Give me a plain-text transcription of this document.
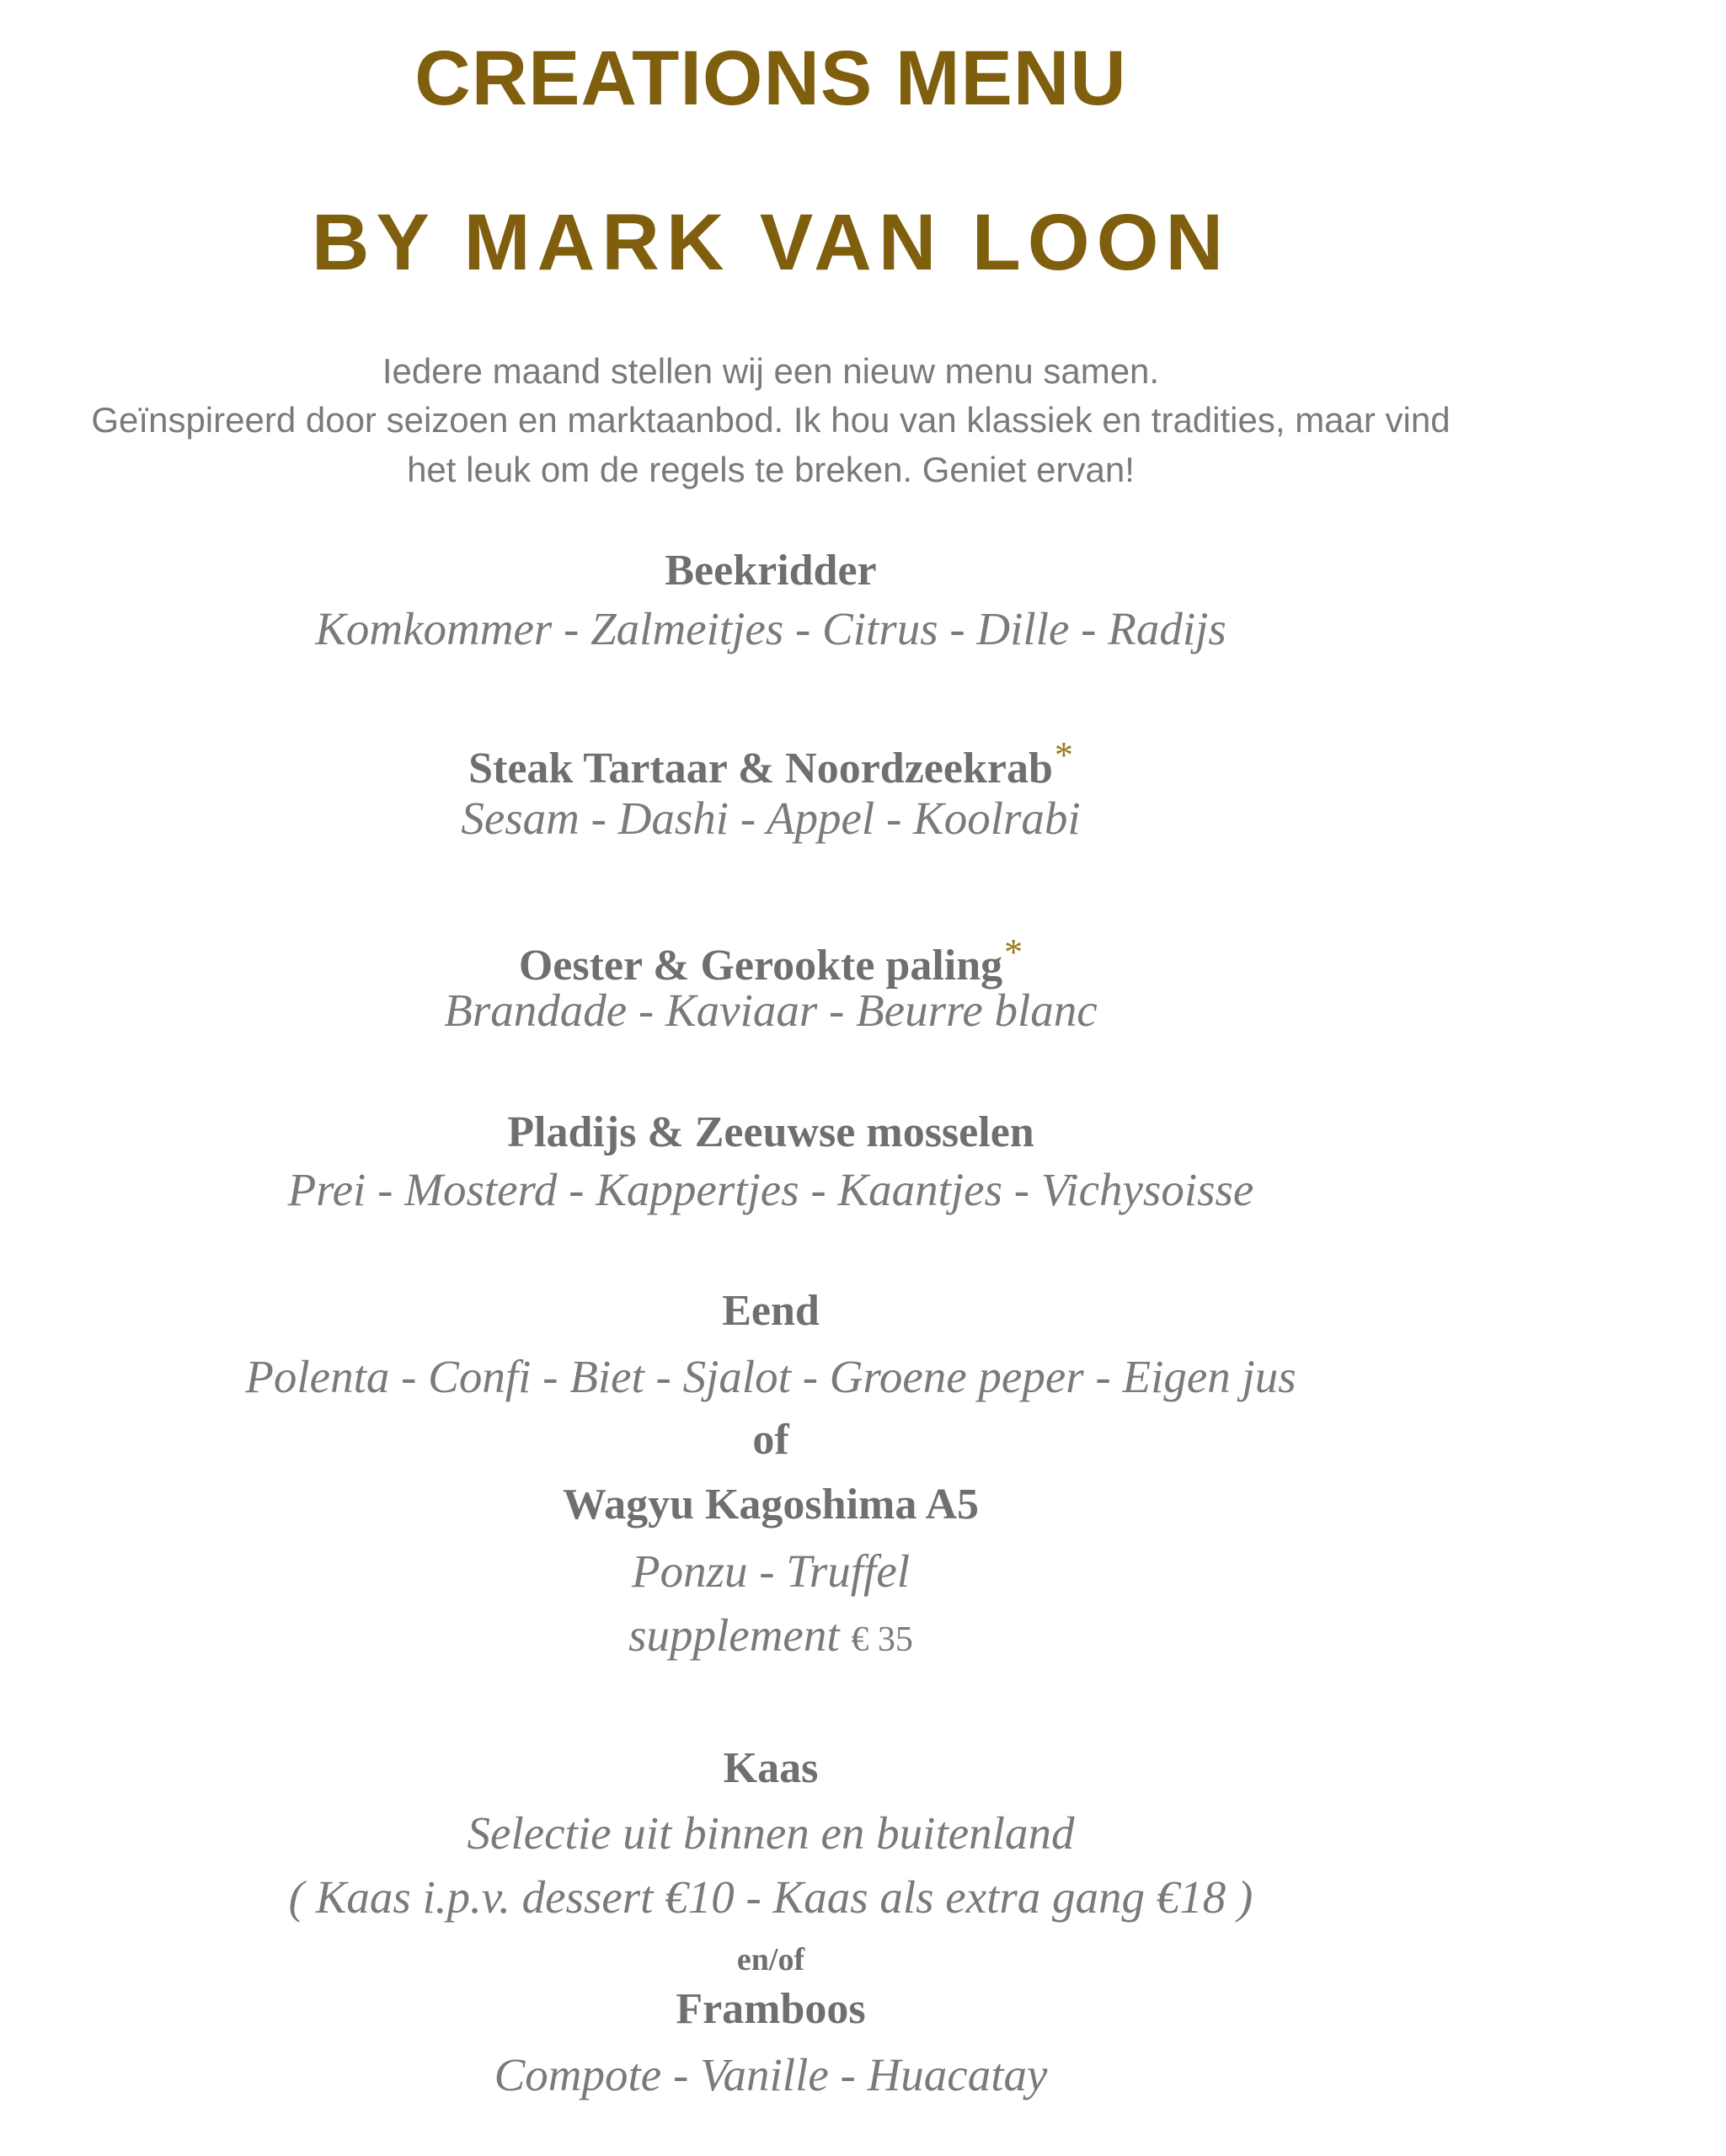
CREATIONS MENU
BY MARK VAN LOON
Iedere maand stellen wij een nieuw menu samen.
Geïnspireerd door seizoen en marktaanbod. Ik hou van klassiek en tradities, maar vind
het leuk om de regels te breken. Geniet ervan!
Beekridder
Komkommer - Zalmeitjes - Citrus - Dille - Radijs
Steak Tartaar & Noordzeekrab*
Sesam - Dashi - Appel - Koolrabi
Oester & Gerookte paling*
Brandade - Kaviaar - Beurre blanc
Pladijs & Zeeuwse mosselen
Prei - Mosterd - Kappertjes - Kaantjes - Vichysoisse
Eend
Polenta - Confi - Biet - Sjalot - Groene peper - Eigen jus
of
Wagyu Kagoshima A5
Ponzu - Truffel
supplement € 35
Kaas
Selectie uit binnen en buitenland
( Kaas i.p.v. dessert €10 - Kaas als extra gang €18 )
en/of
Framboos
Compote - Vanille - Huacatay
